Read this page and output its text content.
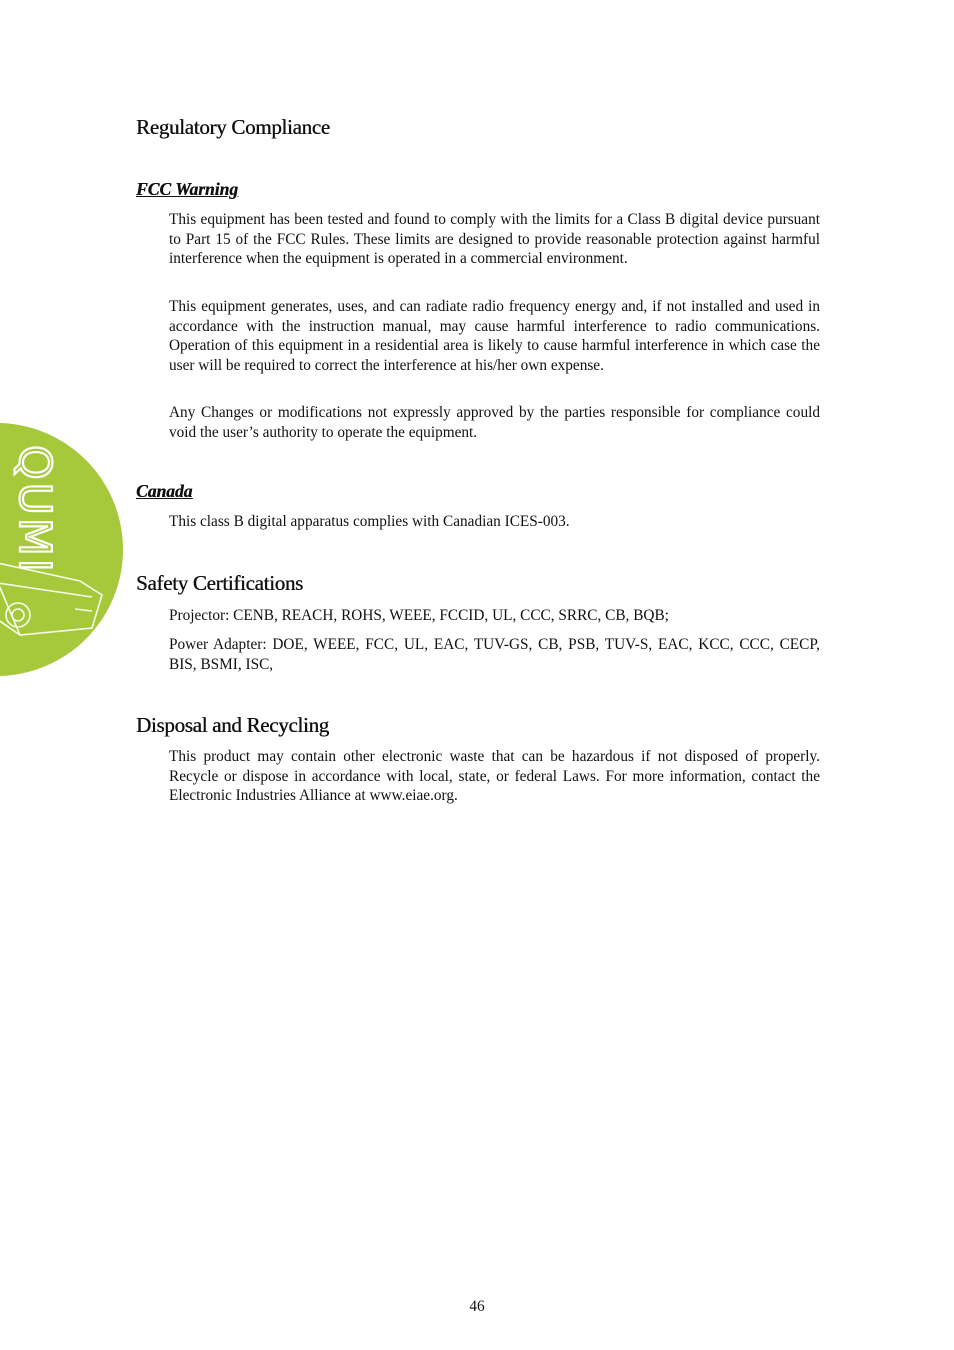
QUMI
Regulatory Compliance
FCC Warning

This equipment has been tested and found to comply with the limits for a Class B digital device pursuant to Part 15 of the FCC Rules. These limits are designed to provide reasonable protection against harmful interference when the equipment is operated in a commercial environment.

This equipment generates, uses, and can radiate radio frequency energy and, if not installed and used in accordance with the instruction manual, may cause harmful interference to radio communications. Operation of this equipment in a residential area is likely to cause harmful interference in which case the user will be required to correct the interference at his/her own expense.

Any Changes or modifications not expressly approved by the parties responsible for compliance could void the user’s authority to operate the equipment.

Canada

This class B digital apparatus complies with Canadian ICES-003.

Safety Certifications

Projector: CENB, REACH, ROHS, WEEE, FCCID, UL, CCC, SRRC, CB, BQB;

Power Adapter: DOE, WEEE, FCC, UL, EAC, TUV-GS, CB, PSB, TUV-S, EAC, KCC, CCC, CECP, BIS, BSMI, ISC,

Disposal and Recycling

This product may contain other electronic waste that can be hazardous if not disposed of properly. Recycle or dispose in accordance with local, state, or federal Laws. For more information, contact the Electronic Industries Alliance at www.eiae.org.

46
